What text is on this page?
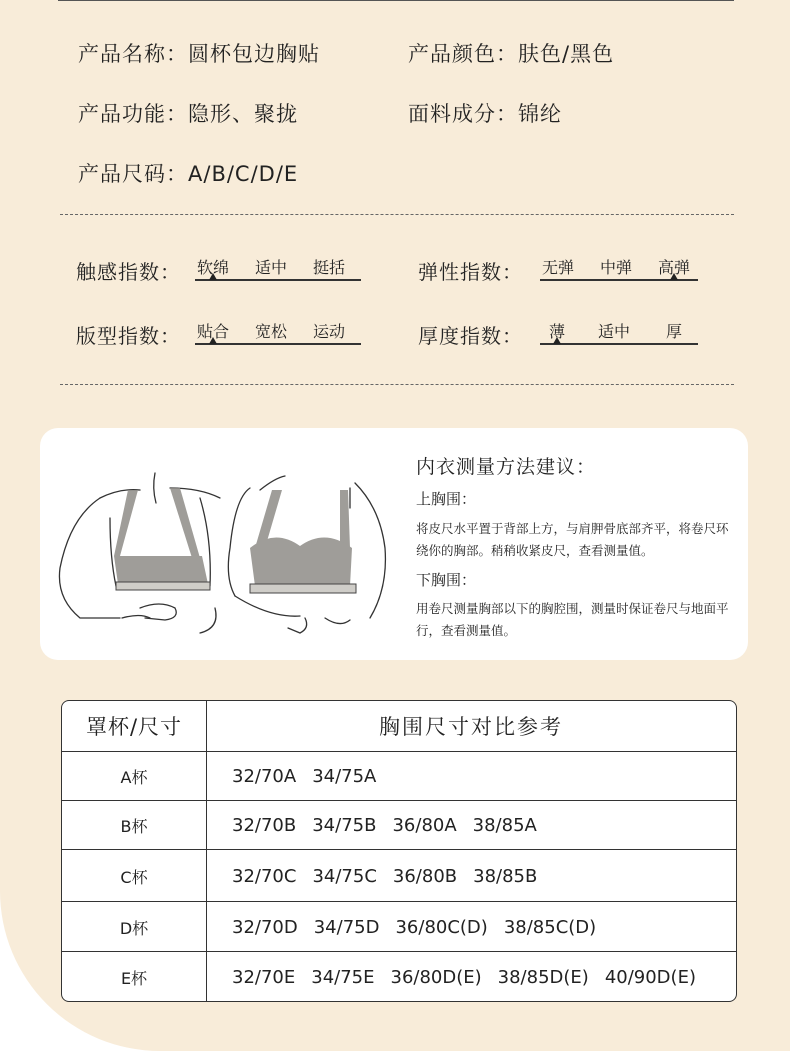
产品名称：圆杯包边胸贴	产品颜色：肤色/黑色
产品功能：隐形、聚拢	面料成分：锦纶
产品尺码：A/B/C/D/E
触感指数： 软绵 适中 挺括	弹性指数： 无弹 中弹 高弹
版型指数： 贴合 宽松 运动	厚度指数： 薄 适中 厚
内衣测量方法建议：
上胸围：
将皮尺水平置于背部上方，与肩胛骨底部齐平，将卷尺环绕你的胸部。稍稍收紧皮尺，查看测量值。
下胸围：
用卷尺测量胸部以下的胸腔围，测量时保证卷尺与地面平行，查看测量值。
罩杯/尺寸	胸围尺寸对比参考
A杯	32/70A 34/75A
B杯	32/70B 34/75B 36/80A 38/85A
C杯	32/70C 34/75C 36/80B 38/85B
D杯	32/70D 34/75D 36/80C(D) 38/85C(D)
E杯	32/70E 34/75E 36/80D(E) 38/85D(E) 40/90D(E)
